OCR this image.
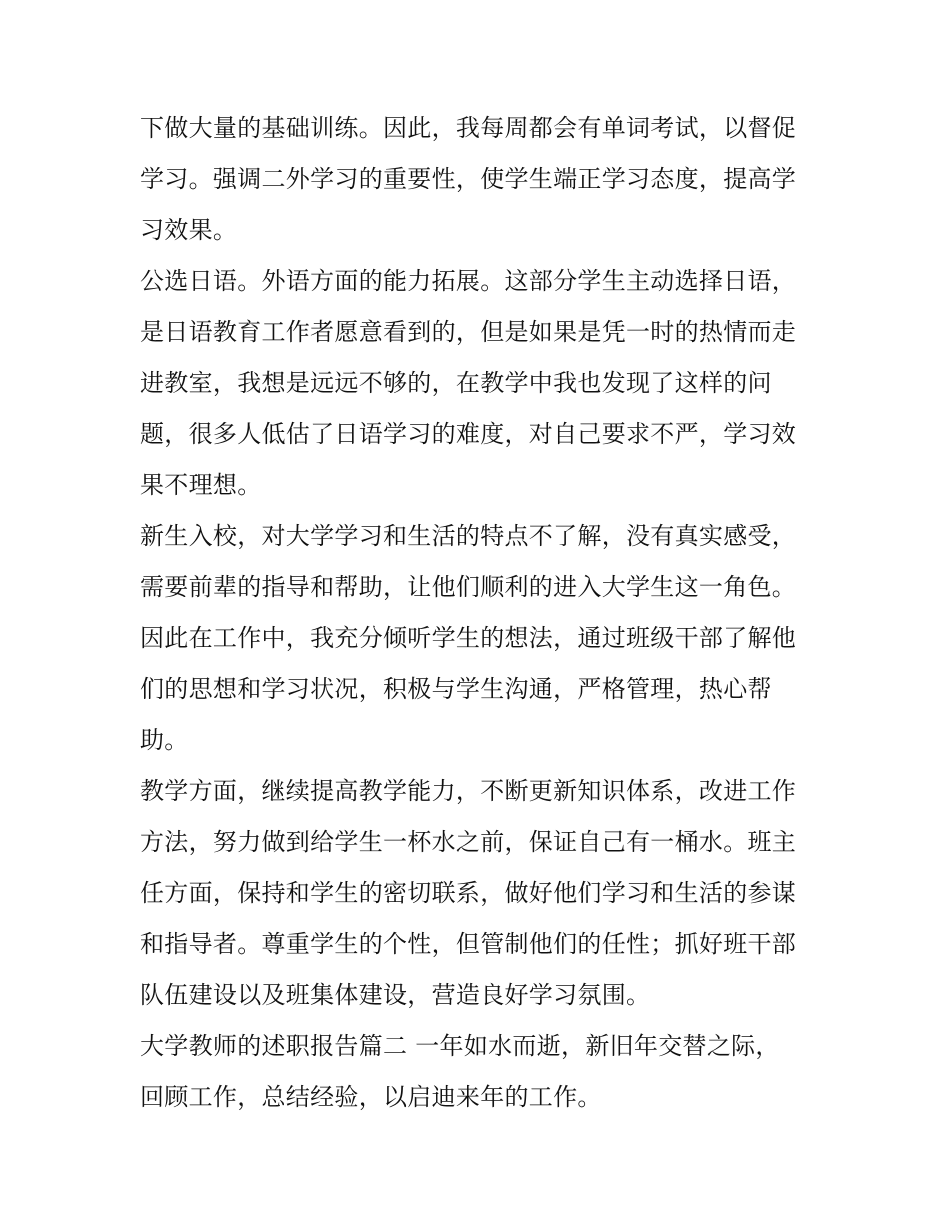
下做大量的基础训练。因此，我每周都会有单词考试，以督促
学习。强调二外学习的重要性，使学生端正学习态度，提高学
习效果。
公选日语。外语方面的能力拓展。这部分学生主动选择日语，
是日语教育工作者愿意看到的，但是如果是凭一时的热情而走
进教室，我想是远远不够的，在教学中我也发现了这样的问
题，很多人低估了日语学习的难度，对自己要求不严，学习效
果不理想。
新生入校，对大学学习和生活的特点不了解，没有真实感受，
需要前辈的指导和帮助，让他们顺利的进入大学生这一角色。
因此在工作中，我充分倾听学生的想法，通过班级干部了解他
们的思想和学习状况，积极与学生沟通，严格管理，热心帮
助。
教学方面，继续提高教学能力，不断更新知识体系，改进工作
方法，努力做到给学生一杯水之前，保证自己有一桶水。班主
任方面，保持和学生的密切联系，做好他们学习和生活的参谋
和指导者。尊重学生的个性，但管制他们的任性；抓好班干部
队伍建设以及班集体建设，营造良好学习氛围。
大学教师的述职报告篇二 一年如水而逝，新旧年交替之际，
回顾工作，总结经验，以启迪来年的工作。
